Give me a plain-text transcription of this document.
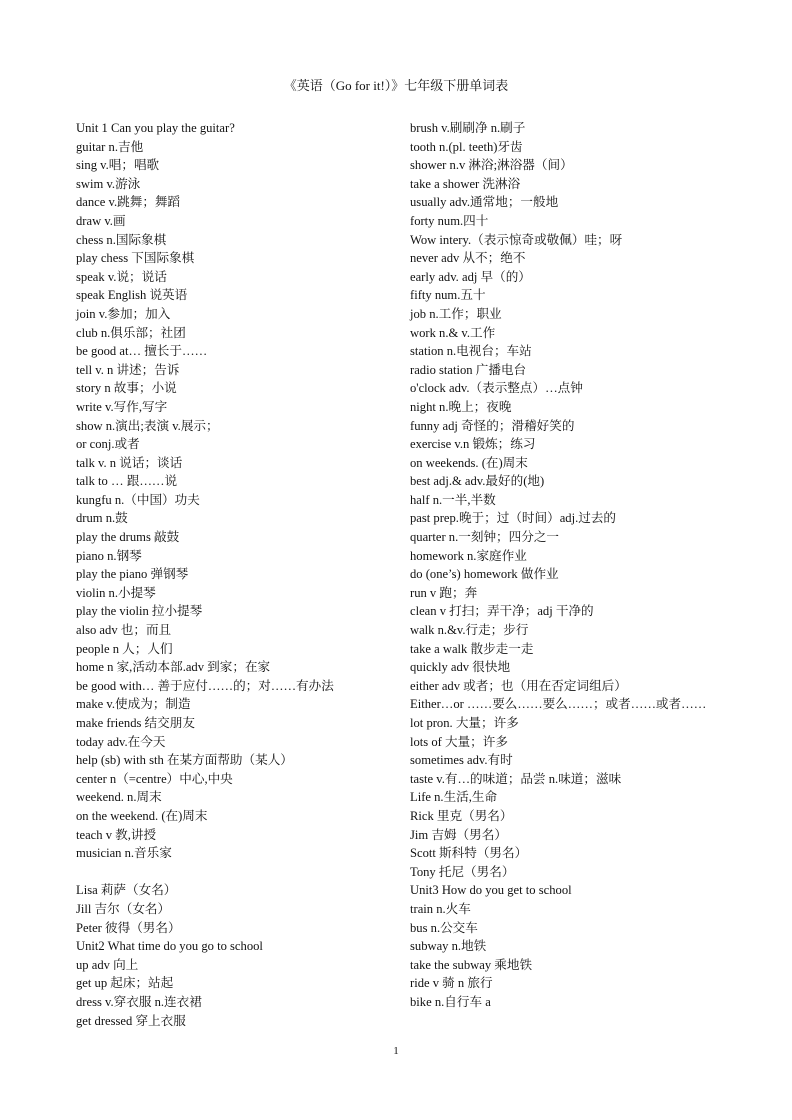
《英语（Go for it!）》七年级下册单词表
Unit 1 Can you play the guitar?
guitar n.吉他
sing v.唱；唱歌
swim v.游泳
dance v.跳舞；舞蹈
draw v.画
chess n.国际象棋
play chess 下国际象棋
speak v.说；说话
speak English 说英语
join v.参加；加入
club n.俱乐部；社团
be good at… 擅长于……
tell v. n 讲述；告诉
story n 故事；小说
write v.写作,写字
show n.演出;表演 v.展示；
or conj.或者
talk v. n 说话；谈话
talk to … 跟……说
kungfu n.（中国）功夫
drum n.鼓
play the drums 敲鼓
piano n.钢琴
play the piano 弹钢琴
violin n.小提琴
play the violin 拉小提琴
also adv 也；而且
people n 人；人们
home n 家,活动本部.adv 到家；在家
be good with… 善于应付……的；对……有办法
make v.使成为；制造
make friends 结交朋友
today adv.在今天
help (sb) with sth 在某方面帮助（某人）
center n（=centre）中心,中央
weekend. n.周末
on the weekend. (在)周末
teach v 教,讲授
musician n.音乐家
Lisa 莉萨（女名）
Jill 吉尔（女名）
Peter 彼得（男名）
Unit2 What time do you go to school
up adv 向上
get up 起床；站起
dress v.穿衣服 n.连衣裙
get dressed 穿上衣服
brush v.刷刷净 n.刷子
tooth n.(pl. teeth)牙齿
shower n.v 淋浴;淋浴器（间）
take a shower 洗淋浴
usually adv.通常地；一般地
forty num.四十
Wow intery.（表示惊奇或敬佩）哇；呀
never adv 从不；绝不
early adv. adj 早（的）
fifty num.五十
job n.工作；职业
work n.& v.工作
station n.电视台；车站
radio station 广播电台
o'clock adv.（表示整点）…点钟
night n.晚上；夜晚
funny adj 奇怪的；滑稽好笑的
exercise v.n 锻炼；练习
on weekends. (在)周末
best adj.& adv.最好的(地)
half n.一半,半数
past prep.晚于；过（时间）adj.过去的
quarter n.一刻钟；四分之一
homework n.家庭作业
do (one’s) homework 做作业
run v 跑；奔
clean v 打扫；弄干净；adj 干净的
walk n.&v.行走；步行
take a walk 散步走一走
quickly adv 很快地
either adv 或者；也（用在否定词组后）
Either…or ……要么……要么……；或者……或者……
lot pron. 大量；许多
lots of 大量；许多
sometimes adv.有时
taste v.有…的味道；品尝 n.味道；滋味
Life n.生活,生命
Rick 里克（男名）
Jim 吉姆（男名）
Scott 斯科特（男名）
Tony 托尼（男名）
Unit3 How do you get to school
train n.火车
bus n.公交车
subway n.地铁
take the subway 乘地铁
ride v 骑 n 旅行
bike n.自行车 a
1
